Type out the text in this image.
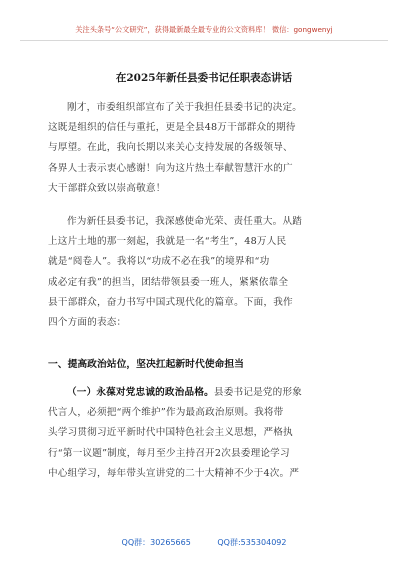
关注头条号“公文研究”，获得最新最全最专业的公文资料库！ 微信：gongwenyj
在2025年新任县委书记任职表态讲话
刚才，市委组织部宣布了关于我担任县委书记的决定。
这既是组织的信任与重托，更是全县48万干部群众的期待
与厚望。在此，我向长期以来关心支持发展的各级领导、
各界人士表示衷心感谢！向为这片热土奉献智慧汗水的广
大干部群众致以崇高敬意！
作为新任县委书记，我深感使命光荣、责任重大。从踏
上这片土地的那一刻起，我就是一名“考生”，48万人民
就是“阅卷人”。我将以“功成不必在我”的境界和“功
成必定有我”的担当，团结带领县委一班人，紧紧依靠全
县干部群众，奋力书写中国式现代化的篇章。下面，我作
四个方面的表态：
一、提高政治站位，坚决扛起新时代使命担当
（一）永葆对党忠诚的政治品格。县委书记是党的形象
代言人，必须把“两个维护”作为最高政治原则。我将带
头学习贯彻习近平新时代中国特色社会主义思想，严格执
行“第一议题”制度，每月至少主持召开2次县委理论学习
中心组学习，每年带头宣讲党的二十大精神不少于4次。严
QQ群：30265665	QQ群:535304092
